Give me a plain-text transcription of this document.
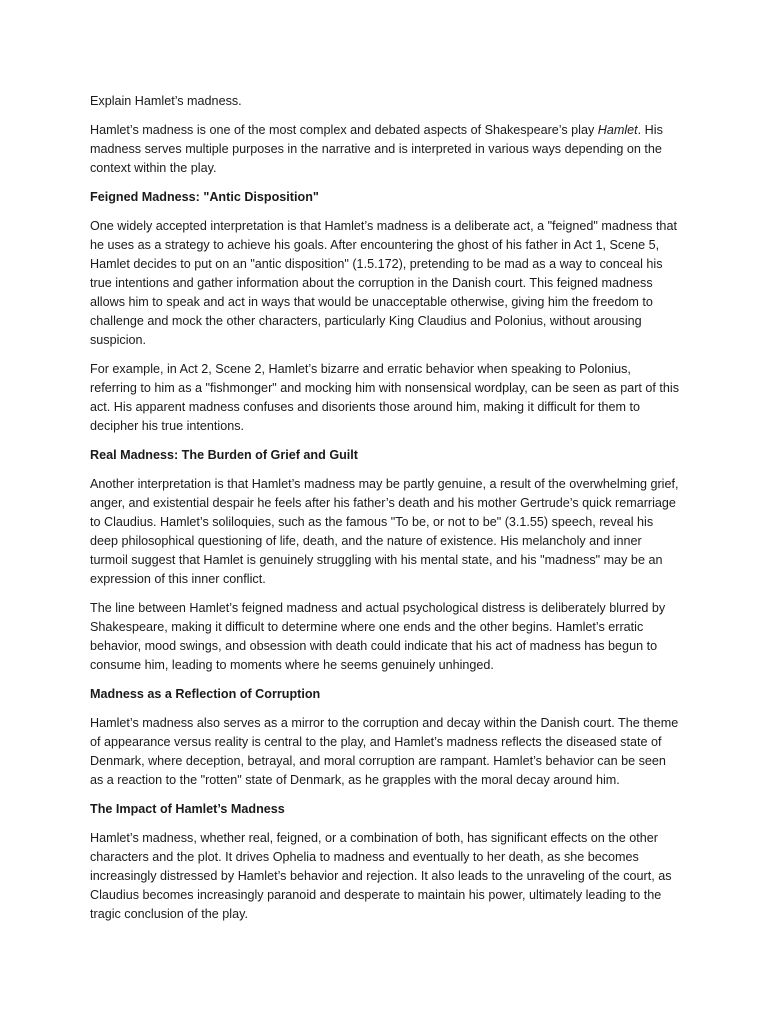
Explain Hamlet’s madness.

Hamlet’s madness is one of the most complex and debated aspects of Shakespeare’s play Hamlet. His madness serves multiple purposes in the narrative and is interpreted in various ways depending on the context within the play.

Feigned Madness: "Antic Disposition"

One widely accepted interpretation is that Hamlet’s madness is a deliberate act, a "feigned" madness that he uses as a strategy to achieve his goals. After encountering the ghost of his father in Act 1, Scene 5, Hamlet decides to put on an "antic disposition" (1.5.172), pretending to be mad as a way to conceal his true intentions and gather information about the corruption in the Danish court. This feigned madness allows him to speak and act in ways that would be unacceptable otherwise, giving him the freedom to challenge and mock the other characters, particularly King Claudius and Polonius, without arousing suspicion.

For example, in Act 2, Scene 2, Hamlet’s bizarre and erratic behavior when speaking to Polonius, referring to him as a "fishmonger" and mocking him with nonsensical wordplay, can be seen as part of this act. His apparent madness confuses and disorients those around him, making it difficult for them to decipher his true intentions.

Real Madness: The Burden of Grief and Guilt

Another interpretation is that Hamlet’s madness may be partly genuine, a result of the overwhelming grief, anger, and existential despair he feels after his father’s death and his mother Gertrude’s quick remarriage to Claudius. Hamlet’s soliloquies, such as the famous "To be, or not to be" (3.1.55) speech, reveal his deep philosophical questioning of life, death, and the nature of existence. His melancholy and inner turmoil suggest that Hamlet is genuinely struggling with his mental state, and his "madness" may be an expression of this inner conflict.

The line between Hamlet’s feigned madness and actual psychological distress is deliberately blurred by Shakespeare, making it difficult to determine where one ends and the other begins. Hamlet’s erratic behavior, mood swings, and obsession with death could indicate that his act of madness has begun to consume him, leading to moments where he seems genuinely unhinged.

Madness as a Reflection of Corruption

Hamlet’s madness also serves as a mirror to the corruption and decay within the Danish court. The theme of appearance versus reality is central to the play, and Hamlet’s madness reflects the diseased state of Denmark, where deception, betrayal, and moral corruption are rampant. Hamlet’s behavior can be seen as a reaction to the "rotten" state of Denmark, as he grapples with the moral decay around him.

The Impact of Hamlet’s Madness

Hamlet’s madness, whether real, feigned, or a combination of both, has significant effects on the other characters and the plot. It drives Ophelia to madness and eventually to her death, as she becomes increasingly distressed by Hamlet’s behavior and rejection. It also leads to the unraveling of the court, as Claudius becomes increasingly paranoid and desperate to maintain his power, ultimately leading to the tragic conclusion of the play.
